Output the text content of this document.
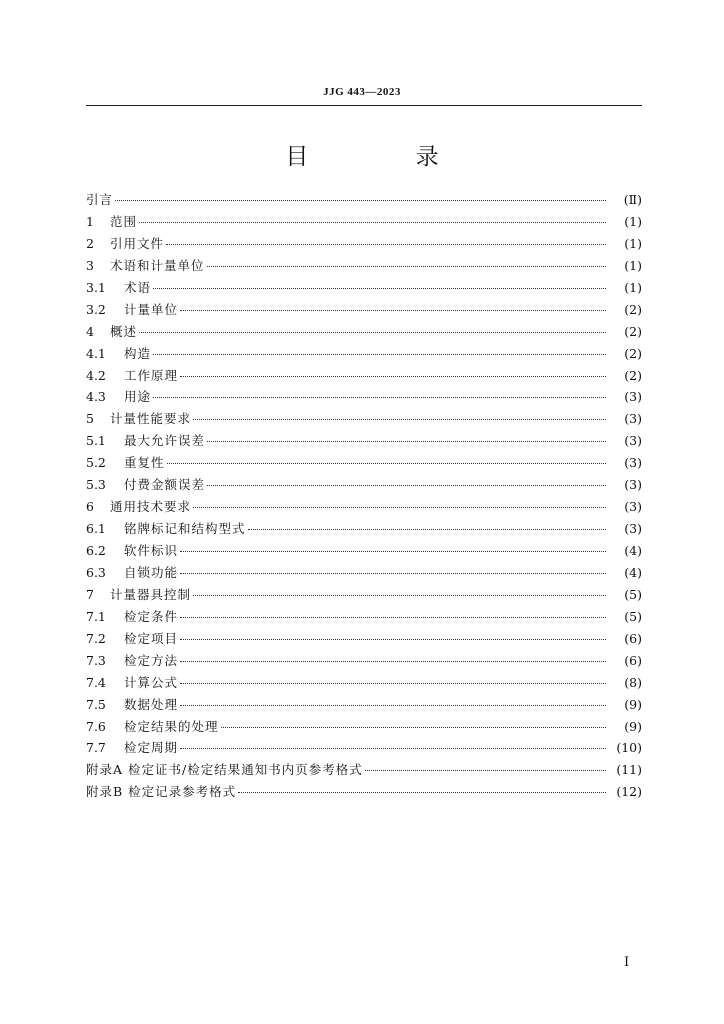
JJG 443—2023
目 录
引言	(Ⅱ)
1	范围	(1)
2	引用文件	(1)
3	术语和计量单位	(1)
3.1	术语	(1)
3.2	计量单位	(2)
4	概述	(2)
4.1	构造	(2)
4.2	工作原理	(2)
4.3	用途	(3)
5	计量性能要求	(3)
5.1	最大允许误差	(3)
5.2	重复性	(3)
5.3	付费金额误差	(3)
6	通用技术要求	(3)
6.1	铭牌标记和结构型式	(3)
6.2	软件标识	(4)
6.3	自锁功能	(4)
7	计量器具控制	(5)
7.1	检定条件	(5)
7.2	检定项目	(6)
7.3	检定方法	(6)
7.4	计算公式	(8)
7.5	数据处理	(9)
7.6	检定结果的处理	(9)
7.7	检定周期	(10)
附录A 检定证书/检定结果通知书内页参考格式	(11)
附录B 检定记录参考格式	(12)
Ⅰ
